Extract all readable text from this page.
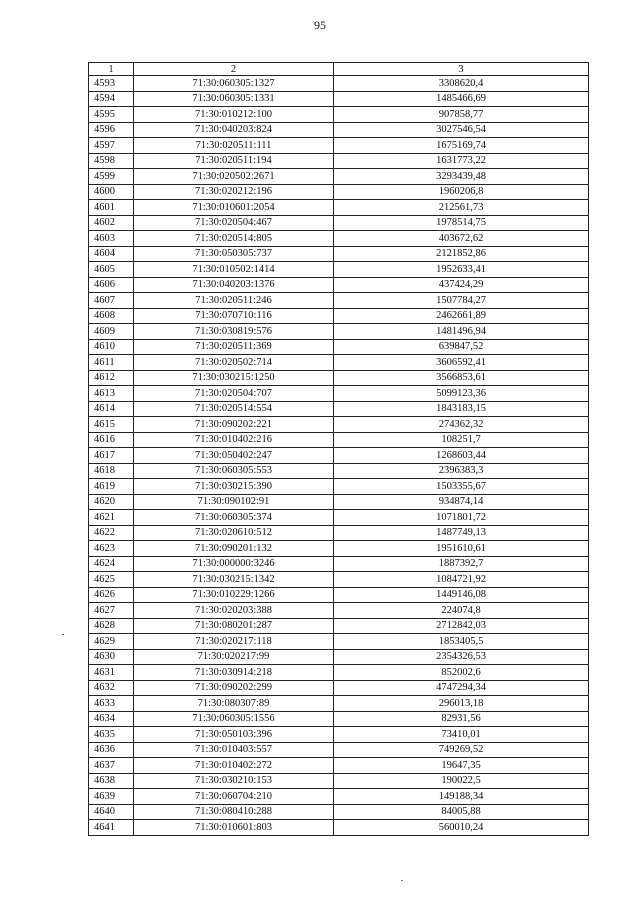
95
1	2	3
4593	71:30:060305:1327	3308620,4
4594	71:30:060305:1331	1485466,69
4595	71:30:010212:100	907858,77
4596	71:30:040203:824	3027546,54
4597	71:30:020511:111	1675169,74
4598	71:30:020511:194	1631773,22
4599	71:30:020502:2671	3293439,48
4600	71:30:020212:196	1960206,8
4601	71:30:010601:2054	212561,73
4602	71:30:020504:467	1978514,75
4603	71:30:020514:805	403672,62
4604	71:30:050305:737	2121852,86
4605	71:30:010502:1414	1952633,41
4606	71:30:040203:1376	437424,29
4607	71:30:020511:246	1507784,27
4608	71:30:070710:116	2462661,89
4609	71:30:030819:576	1481496,94
4610	71:30:020511:369	639847,52
4611	71:30:020502:714	3606592,41
4612	71:30:030215:1250	3566853,61
4613	71:30:020504:707	5099123,36
4614	71:30:020514:554	1843183,15
4615	71:30:090202:221	274362,32
4616	71:30:010402:216	108251,7
4617	71:30:050402:247	1268603,44
4618	71:30:060305:553	2396383,3
4619	71:30:030215:390	1503355,67
4620	71:30:090102:91	934874,14
4621	71:30:060305:374	1071801,72
4622	71:30:020610:512	1487749,13
4623	71:30:090201:132	1951610,61
4624	71:30:000000:3246	1887392,7
4625	71:30:030215:1342	1084721,92
4626	71:30:010229:1266	1449146,08
4627	71:30:020203:388	224074,8
4628	71:30:080201:287	2712842,03
4629	71:30:020217:118	1853405,5
4630	71:30:020217:99	2354326,53
4631	71:30:030914:218	852002,6
4632	71:30:090202:299	4747294,34
4633	71:30:080307:89	296013,18
4634	71:30:060305:1556	82931,56
4635	71:30:050103:396	73410,01
4636	71:30:010403:557	749269,52
4637	71:30:010402:272	19647,35
4638	71:30:030210:153	190022,5
4639	71:30:060704:210	149188,34
4640	71:30:080410:288	84005,88
4641	71:30:010601:803	560010,24
